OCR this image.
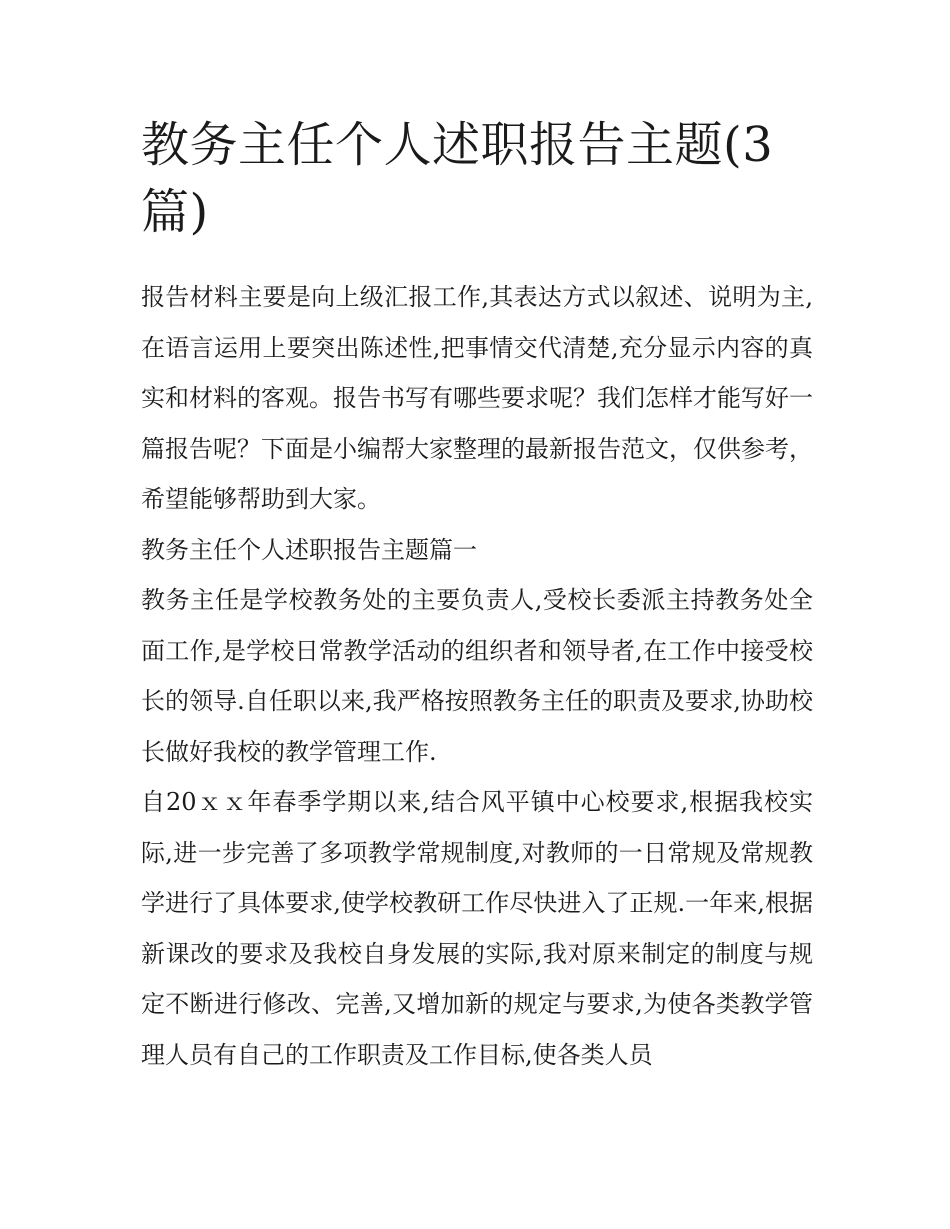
教务主任个人述职报告主题(3篇)

报告材料主要是向上级汇报工作,其表达方式以叙述、说明为主,在语言运用上要突出陈述性,把事情交代清楚,充分显示内容的真实和材料的客观。报告书写有哪些要求呢？我们怎样才能写好一篇报告呢？下面是小编帮大家整理的最新报告范文，仅供参考，希望能够帮助到大家。

教务主任个人述职报告主题篇一

教务主任是学校教务处的主要负责人,受校长委派主持教务处全面工作,是学校日常教学活动的组织者和领导者,在工作中接受校长的领导.自任职以来,我严格按照教务主任的职责及要求,协助校长做好我校的教学管理工作.

自20ｘｘ年春季学期以来,结合风平镇中心校要求,根据我校实际,进一步完善了多项教学常规制度,对教师的一日常规及常规教学进行了具体要求,使学校教研工作尽快进入了正规.一年来,根据新课改的要求及我校自身发展的实际,我对原来制定的制度与规定不断进行修改、完善,又增加新的规定与要求,为使各类教学管理人员有自己的工作职责及工作目标,使各类人员
